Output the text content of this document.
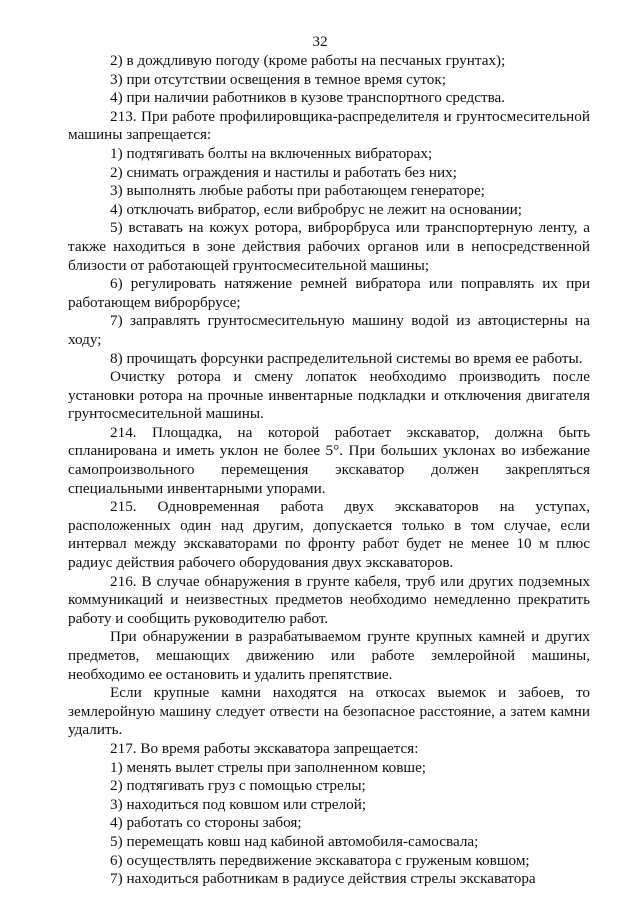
32

2) в дождливую погоду (кроме работы на песчаных грунтах);

3) при отсутствии освещения в темное время суток;

4) при наличии работников в кузове транспортного средства.

213. При работе профилировщика-распределителя и грунтосмесительной машины запрещается:

1) подтягивать болты на включенных вибраторах;

2) снимать ограждения и настилы и работать без них;

3) выполнять любые работы при работающем генераторе;

4) отключать вибратор, если вибробрус не лежит на основании;

5) вставать на кожух ротора, виброрбруса или транспортерную ленту, а также находиться в зоне действия рабочих органов или в непосредственной близости от работающей грунтосмесительной машины;

6) регулировать натяжение ремней вибратора или поправлять их при работающем виброрбрусе;

7) заправлять грунтосмесительную машину водой из автоцистерны на ходу;

8) прочищать форсунки распределительной системы во время ее работы.

Очистку ротора и смену лопаток необходимо производить после установки ротора на прочные инвентарные подкладки и отключения двигателя грунтосмесительной машины.

214. Площадка, на которой работает экскаватор, должна быть спланирована и иметь уклон не более 5°. При больших уклонах во избежание самопроизвольного перемещения экскаватор должен закрепляться специальными инвентарными упорами.

215. Одновременная работа двух экскаваторов на уступах, расположенных один над другим, допускается только в том случае, если интервал между экскаваторами по фронту работ будет не менее 10 м плюс радиус действия рабочего оборудования двух экскаваторов.

216. В случае обнаружения в грунте кабеля, труб или других подземных коммуникаций и неизвестных предметов необходимо немедленно прекратить работу и сообщить руководителю работ.

При обнаружении в разрабатываемом грунте крупных камней и других предметов, мешающих движению или работе землеройной машины, необходимо ее остановить и удалить препятствие.

Если крупные камни находятся на откосах выемок и забоев, то землеройную машину следует отвести на безопасное расстояние, а затем камни удалить.

217. Во время работы экскаватора запрещается:

1) менять вылет стрелы при заполненном ковше;

2) подтягивать груз с помощью стрелы;

3) находиться под ковшом или стрелой;

4) работать со стороны забоя;

5) перемещать ковш над кабиной автомобиля-самосвала;

6) осуществлять передвижение экскаватора с груженым ковшом;

7) находиться работникам в радиусе действия стрелы экскаватора
